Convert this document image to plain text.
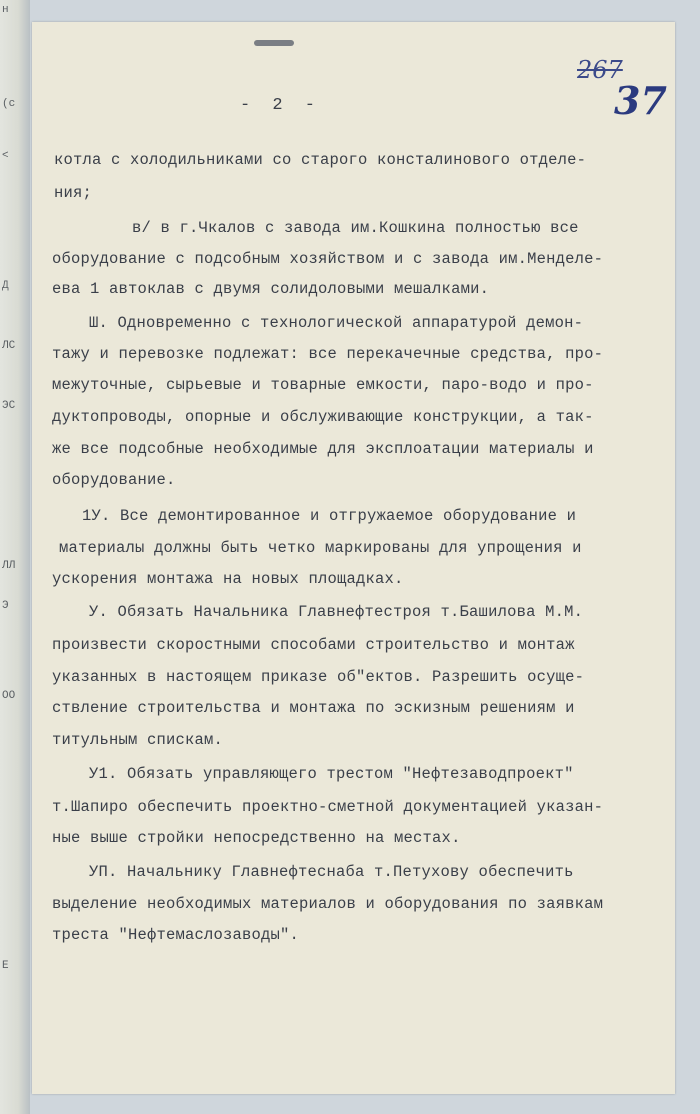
н
(с
<
Д
ЛС
ЭС
ЛЛ
Э
ОО
Е
267
37
- 2 -
котла с холодильниками со старого консталинового отделе-
ния;
в/ в г.Чкалов с завода им.Кошкина полностью все
оборудование с подсобным хозяйством и с завода им.Менделе-
ева 1 автоклав с двумя солидоловыми мешалками.
Ш. Одновременно с технологической аппаратурой демон-
тажу и перевозке подлежат: все перекачечные средства, про-
межуточные, сырьевые и товарные емкости, паро-водо и про-
дуктопроводы, опорные и обслуживающие конструкции, а так-
же все подсобные необходимые для эксплоатации материалы и
оборудование.
1У. Все демонтированное и отгружаемое оборудование и
материалы должны быть четко маркированы для упрощения и
ускорения монтажа на новых площадках.
У. Обязать Начальника Главнефтестроя т.Башилова М.М.
произвести скоростными способами строительство и монтаж
указанных в настоящем приказе об"ектов. Разрешить осуще-
ствление строительства и монтажа по эскизным решениям и
титульным спискам.
У1. Обязать управляющего трестом "Нефтезаводпроект"
т.Шапиро обеспечить проектно-сметной документацией указан-
ные выше стройки непосредственно на местах.
УП. Начальнику Главнефтеснаба т.Петухову обеспечить
выделение необходимых материалов и оборудования по заявкам
треста "Нефтемаслозаводы".
